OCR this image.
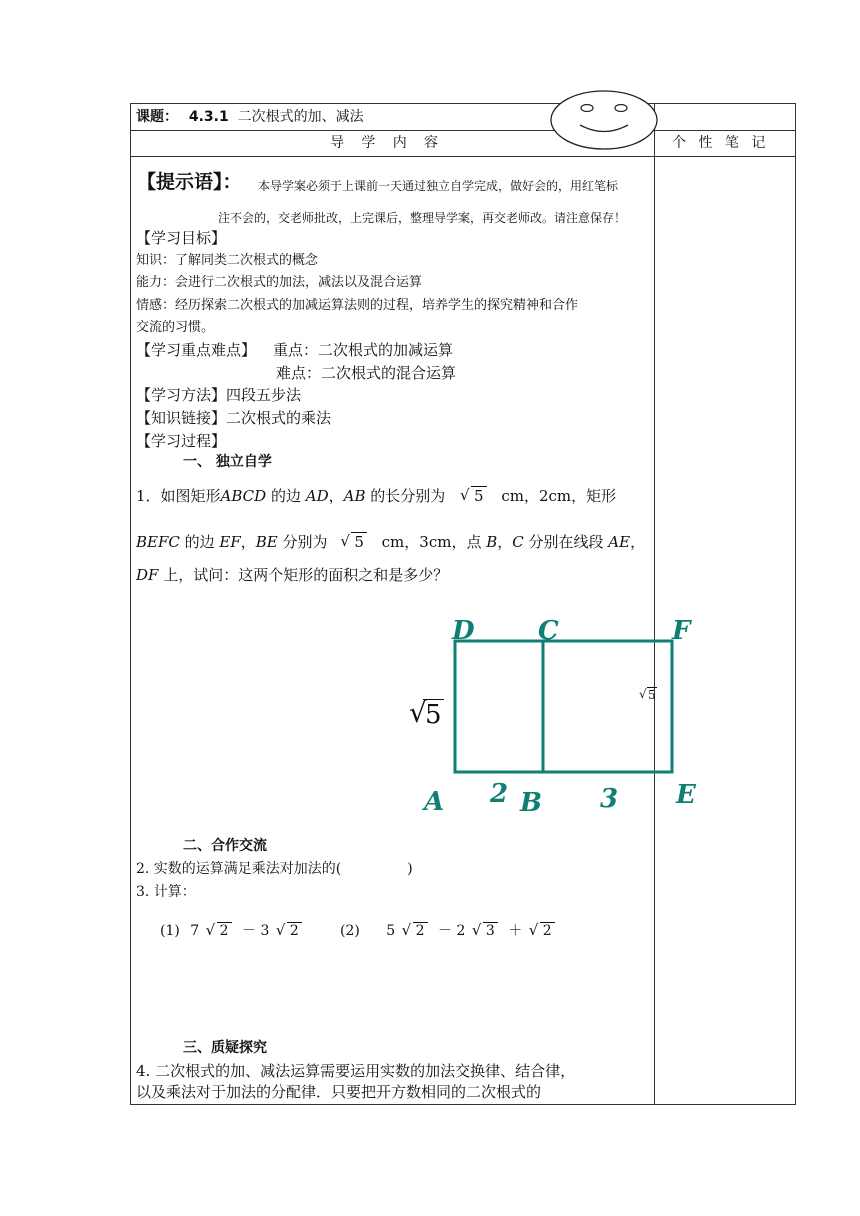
课题： 4.3.1 二次根式的加、减法
导   学   内   容	个 性 笔 记
【提示语】： 本导学案必须于上课前一天通过独立自学完成，做好会的，用红笔标
注不会的，交老师批改，上完课后，整理导学案，再交老师改。请注意保存！
【学习目标】
知识：了解同类二次根式的概念
能力：会进行二次根式的加法，减法以及混合运算
情感：经历探索二次根式的加减运算法则的过程，培养学生的探究精神和合作
交流的习惯。
【学习重点难点】 重点：二次根式的加减运算
难点：二次根式的混合运算
【学习方法】四段五步法
【知识链接】二次根式的乘法
【学习过程】
一、 独立自学
1．如图矩形ABCD 的边 AD，AB 的长分别为 √ 5 cm，2cm，矩形
BEFC 的边 EF，BE 分别为 √ 5 cm，3cm，点 B，C 分别在线段 AE，
DF 上，试问：这两个矩形的面积之和是多少？
D C	F
A 2 B 3 E
√
5
√ 5
二、合作交流
2. 实数的运算满足乘法对加法的(	)
3. 计算：
(1) 7 √ 2 － 3 √ 2	(2) 5 √ 2 － 2 √ 3 ＋ √ 2
三、质疑探究
4. 二次根式的加、减法运算需要运用实数的加法交换律、结合律，
以及乘法对于加法的分配律．只要把开方数相同的二次根式的
